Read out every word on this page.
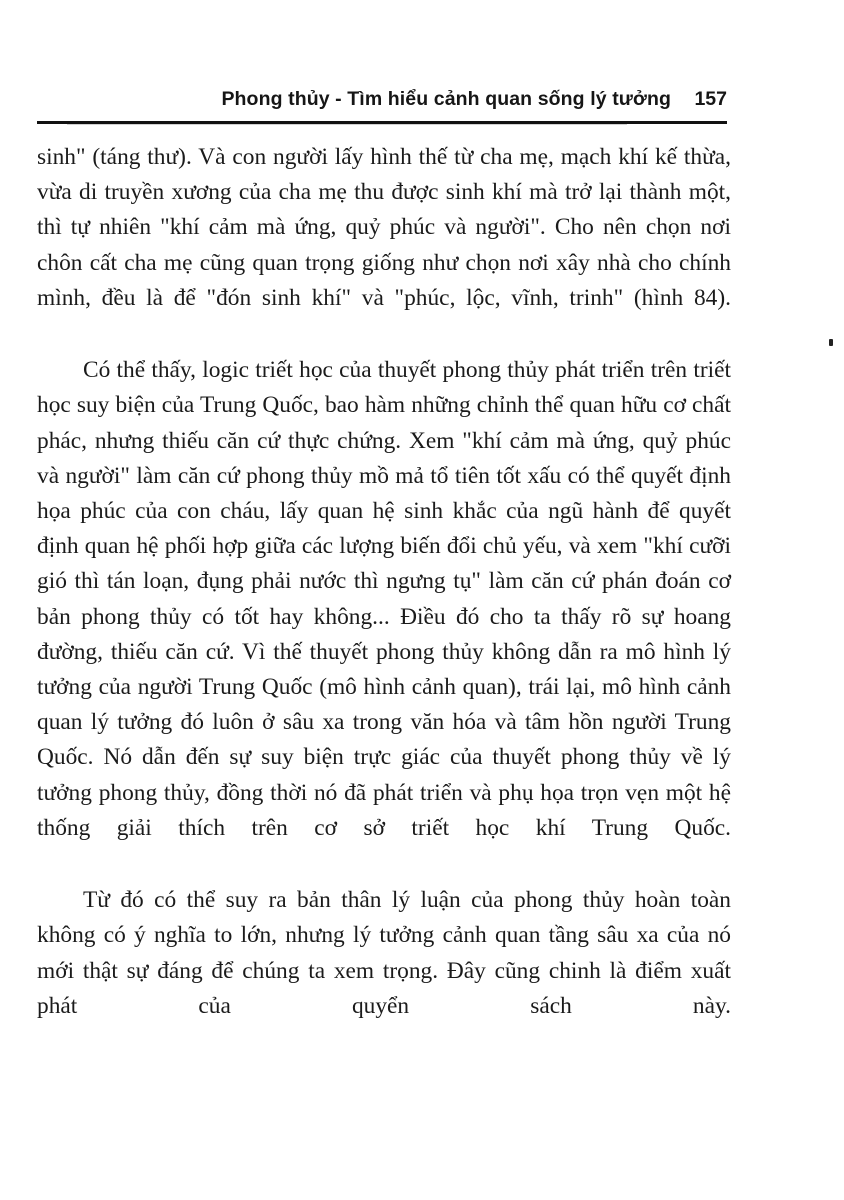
Phong thủy - Tìm hiểu cảnh quan sống lý tưởng 157

sinh" (táng thư). Và con người lấy hình thế từ cha mẹ, mạch khí kế thừa, vừa di truyền xương của cha mẹ thu được sinh khí mà trở lại thành một, thì tự nhiên "khí cảm mà ứng, quỷ phúc và người". Cho nên chọn nơi chôn cất cha mẹ cũng quan trọng giống như chọn nơi xây nhà cho chính mình, đều là để "đón sinh khí" và "phúc, lộc, vĩnh, trinh" (hình 84).

Có thể thấy, logic triết học của thuyết phong thủy phát triển trên triết học suy biện của Trung Quốc, bao hàm những chỉnh thể quan hữu cơ chất phác, nhưng thiếu căn cứ thực chứng. Xem "khí cảm mà ứng, quỷ phúc và người" làm căn cứ phong thủy mồ mả tổ tiên tốt xấu có thể quyết định họa phúc của con cháu, lấy quan hệ sinh khắc của ngũ hành để quyết định quan hệ phối hợp giữa các lượng biến đổi chủ yếu, và xem "khí cưỡi gió thì tán loạn, đụng phải nước thì ngưng tụ" làm căn cứ phán đoán cơ bản phong thủy có tốt hay không... Điều đó cho ta thấy rõ sự hoang đường, thiếu căn cứ. Vì thế thuyết phong thủy không dẫn ra mô hình lý tưởng của người Trung Quốc (mô hình cảnh quan), trái lại, mô hình cảnh quan lý tưởng đó luôn ở sâu xa trong văn hóa và tâm hồn người Trung Quốc. Nó dẫn đến sự suy biện trực giác của thuyết phong thủy về lý tưởng phong thủy, đồng thời nó đã phát triển và phụ họa trọn vẹn một hệ thống giải thích trên cơ sở triết học khí Trung Quốc.

Từ đó có thể suy ra bản thân lý luận của phong thủy hoàn toàn không có ý nghĩa to lớn, nhưng lý tưởng cảnh quan tầng sâu xa của nó mới thật sự đáng để chúng ta xem trọng. Đây cũng chinh là điểm xuất phát của quyển sách này.
